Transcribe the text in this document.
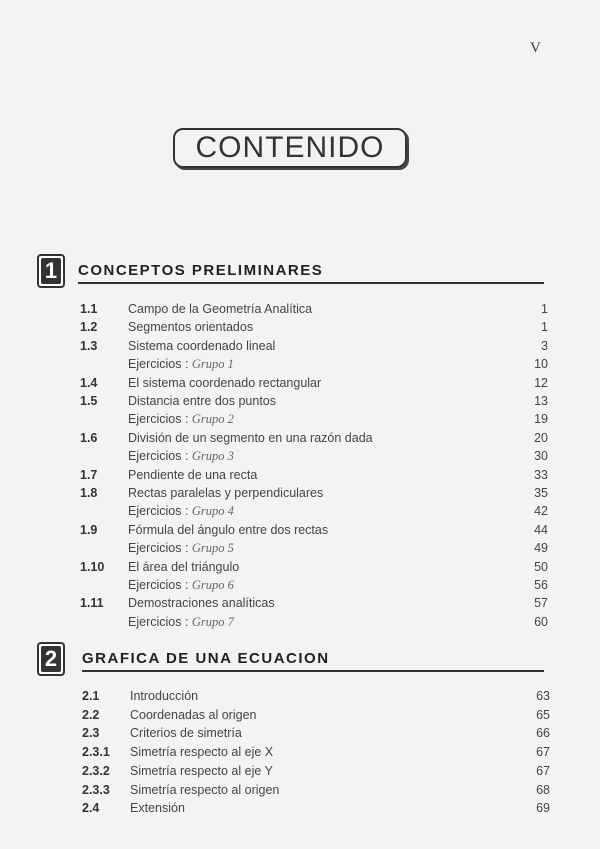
V
CONTENIDO
1 CONCEPTOS PRELIMINARES
1.1 Campo de la Geometría Analítica	1
1.2 Segmentos orientados	1
1.3 Sistema coordenado lineal	3
Ejercicios : Grupo 1	10
1.4 El sistema coordenado rectangular	12
1.5 Distancia entre dos puntos	13
Ejercicios : Grupo 2	19
1.6 División de un segmento en una razón dada	20
Ejercicios : Grupo 3	30
1.7 Pendiente de una recta	33
1.8 Rectas paralelas y perpendiculares	35
Ejercicios : Grupo 4	42
1.9 Fórmula del ángulo entre dos rectas	44
Ejercicios : Grupo 5	49
1.10 El área del triángulo	50
Ejercicios : Grupo 6	56
1.11 Demostraciones analíticas	57
Ejercicios : Grupo 7	60
2 GRAFICA DE UNA ECUACION
2.1 Introducción	63
2.2 Coordenadas al origen	65
2.3 Criterios de simetría	66
2.3.1 Simetría respecto al eje X	67
2.3.2 Simetría respecto al eje Y	67
2.3.3 Simetría respecto al origen	68
2.4 Extensión	69
